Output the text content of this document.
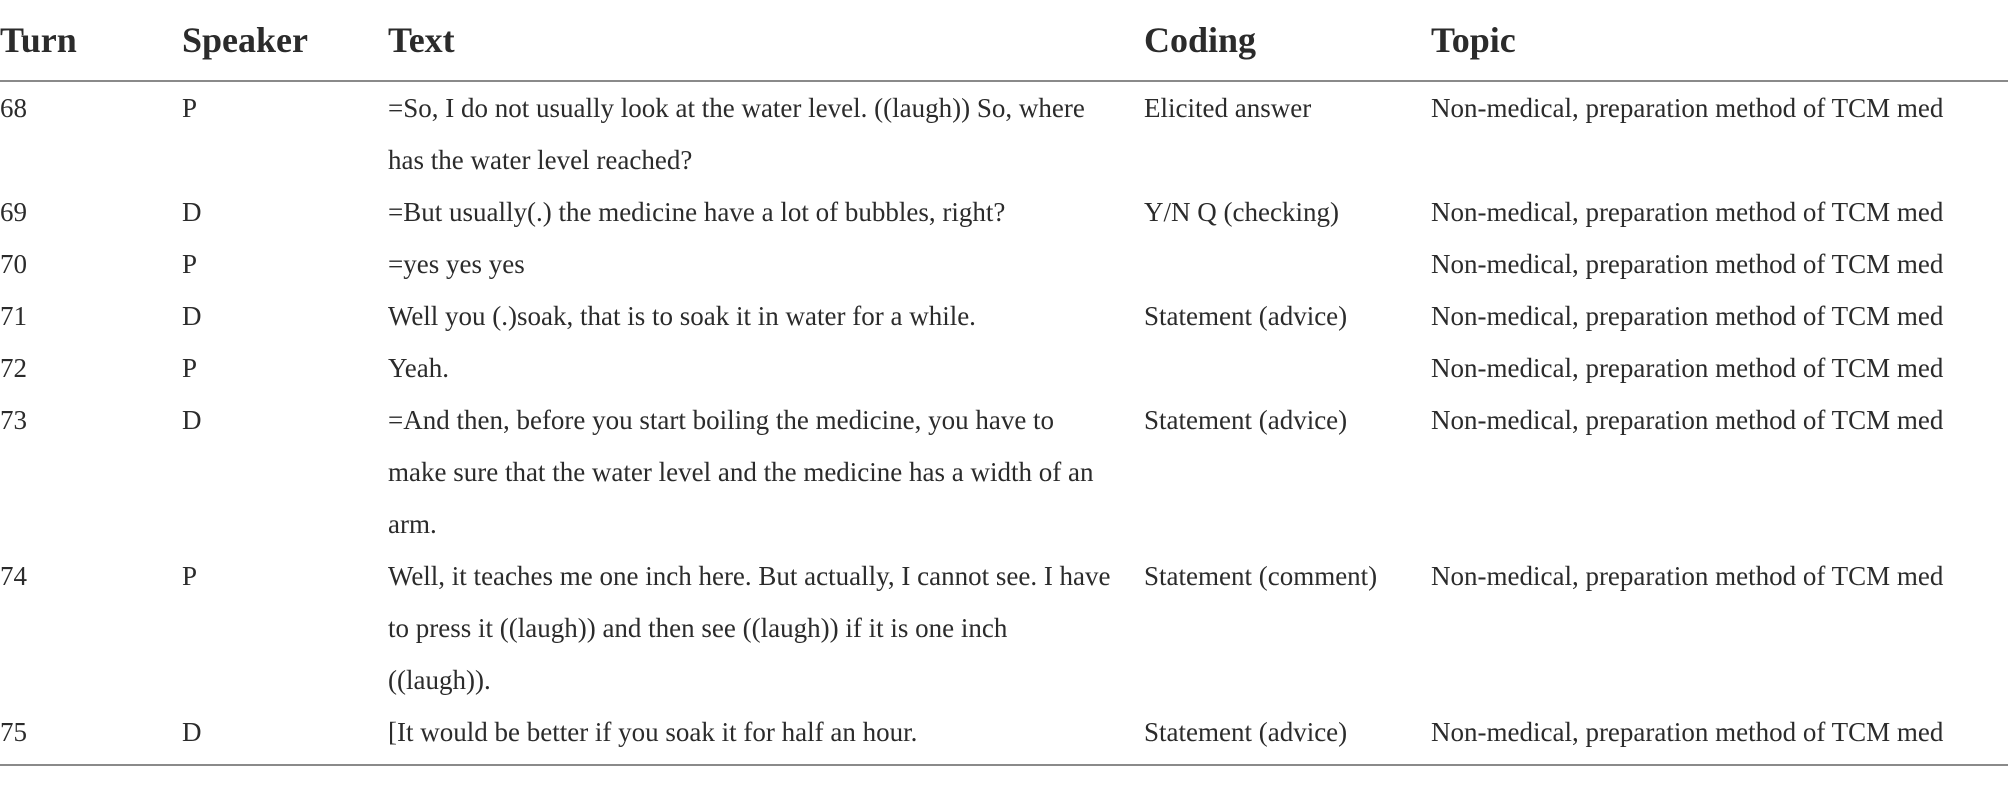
Turn	Speaker	Text	Coding	Topic
68	P	=So, I do not usually look at the water level. ((laugh)) So, where has the water level reached?	Elicited answer	Non-medical, preparation method of TCM med
69	D	=But usually(.) the medicine have a lot of bubbles, right?	Y/N Q (checking)	Non-medical, preparation method of TCM med
70	P	=yes yes yes		Non-medical, preparation method of TCM med
71	D	Well you (.)soak, that is to soak it in water for a while.	Statement (advice)	Non-medical, preparation method of TCM med
72	P	Yeah.		Non-medical, preparation method of TCM med
73	D	=And then, before you start boiling the medicine, you have to make sure that the water level and the medicine has a width of an arm.	Statement (advice)	Non-medical, preparation method of TCM med
74	P	Well, it teaches me one inch here. But actually, I cannot see. I have to press it ((laugh)) and then see ((laugh)) if it is one inch ((laugh)).	Statement (comment)	Non-medical, preparation method of TCM med
75	D	[It would be better if you soak it for half an hour.	Statement (advice)	Non-medical, preparation method of TCM med
